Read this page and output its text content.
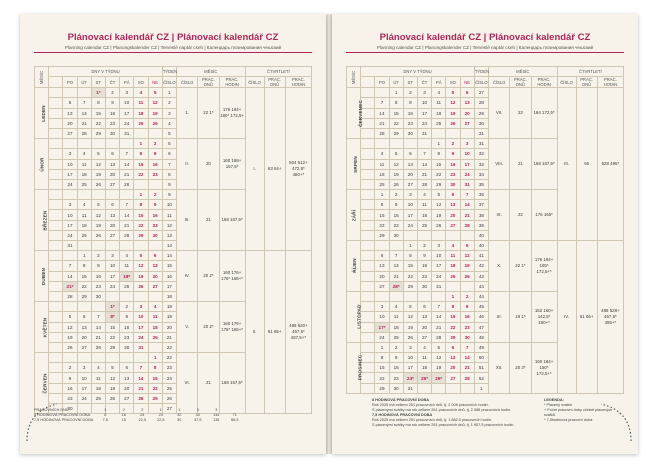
Plánovací kalendář CZ | Plánovací kalendář CZ
Planning calendar CZ | Planungskalender CZ | Terveslé naptár cseh | Календарь планирования чешский
MĚSÍC	DNY V TÝDNU								TÝDEN	MĚSÍC			ČTVRTLETÍ		
		PO	ÚT	ST	ČT	PÁ	SO	NE	ČÍSLO	ČÍSLO	PRAC. DNŮ	PRAC. HODIN	ČÍSLO	PRAC. DNŮ	PRAC. HODIN
LEDEN				1*	2	3	4	5	1	1.	22 1*	176 184+ 180* 172,5+	I.	63 64+	504 512+ 472,5* 480+*
		6	7	8	9	10	11	12	2						
		13	14	15	16	17	18	19	3						
		20	21	22	23	24	25	26	4						
		27	28	29	30	31			5						
ÚNOR							1	2	5	II.	20	160 168+ 157,5*			
		3	4	5	6	7	8	9	6						
		10	11	12	13	14	15	16	7						
		17	18	19	20	21	22	23	8						
		24	25	26	27	28			9						
BŘEZEN							1	2	9	III.	21	168 157,5*			
		3	4	5	6	7	8	9	10						
		10	11	12	13	14	15	16	11						
		17	18	19	20	21	22	23	12						
		24	25	26	27	28	29	30	13						
		31							14						
DUBEN			1	2	3	4	5	6	14	IV.	20 2*	160 176+ 176* 165+*	II.	61 65+	488 520+ 457,5* 487,5+*
		7	8	9	10	11	12	13	15						
		14	15	16	17	18*	19	20	16						
		21*	22	23	24	25	26	27	17						
		28	29	30					18						
KVĚTEN					1*	2	3	4	18	V.	20 2*	160 176+ 176* 165+*			
		5	6	7	8*	9	10	11	19						
		12	13	14	15	16	17	18	20						
		19	20	21	22	23	24	25	21						
		26	27	28	29	30	31		22						
ČERVEN								1	22	VI.	21	168 157,5*			
		2	3	4	5	6	7	8	23						
		9	10	11	12	13	14	15	24						
		16	17	18	19	20	21	22	25						
		23	24	25	26	27	28	29	26						
		30							27						
PRACOVNÍCH DNŮ	1	2	2	1	1	3	3
8 HODINOVÁ PRACOVNÍ DOBA	8	16	24	24	32	40	144	71
7,5 HODINOVÁ PRACOVNÍ DOBA	7,5	15	22,5	22,5	30	37,5	135	66,5
Plánovací kalendář CZ | Plánovací kalendář CZ
Planning calendar CZ | Planungskalender CZ | Terveslé naptár cseh | Календарь планирования чешский
MĚSÍC	DNY V TÝDNU								TÝDEN	MĚSÍC			ČTVRTLETÍ		
		PO	ÚT	ST	ČT	PÁ	SO	NE	ČÍSLO	ČÍSLO	PRAC. DNŮ	PRAC. HODIN	ČÍSLO	PRAC. DNŮ	PRAC. HODIN
ČERVENEC			1	2	3	4	5	6	27	VII.	23	184 172,5*	III.	66	528 495*
		7	8	9	10	11	12	13	28						
		14	15	16	17	18	19	20	29						
		21	22	23	24	25	26	27	30						
		28	29	30	31				31						
SRPEN						1	2	3	31	VIII.	21	168 157,5*			
		4	5	6	7	8	9	10	32						
		11	12	13	14	15	16	17	33						
		18	19	20	21	22	23	24	34						
		25	26	27	28	29	30	31	35						
ZÁŘÍ		1	2	3	4	5	6	7	36	IX.	22	176 165*			
		8	9	10	11	12	13	14	37						
		15	16	17	18	19	20	21	38						
		22	23	24	25	26	27	28	39						
		29	30						40						
ŘÍJEN				1	2	3	4	5	40	X.	22 1*	176 184+ 165* 172,5+*	IV.	61 66+	488 528+ 457,5* 495+*
		6	7	8	9	10	11	12	41						
		13	14	15	16	17	18	19	42						
		20	21	22	23	24	25	26	43						
		27	28*	29	30	31			44						
LISTOPAD							1	2	44	XI.	19 1*	152 160+ 142,5* 150+*			
		3	4	5	6	7	8	9	45						
		10	11	12	13	14	15	16	46						
		17*	18	19	20	21	22	23	47						
		24	25	26	27	28	29	30	48						
PROSINEC		1	2	3	4	5	6	7	49	XII.	20 3*	160 184+ 150* 172,5+*			
		8	9	10	11	12	13	14	50						
		15	16	17	18	19	20	21	51						
		22	23	24*	25*	26*	27	28	52						
		29	30	31					1						
8 HODINOVÁ PRACOVNÍ DOBA
Rok 2025 má celkem 251 pracovních dnů, tj. 2 008 pracovních hodin.
S placenými svátky má rok celkem 261 pracovních dnů, tj. 2 088 pracovních hodin.
7,5 HODINOVÁ PRACOVNÍ DOBA
Rok 2025 má celkem 251 pracovních dnů, tj. 1 882,5 pracovních hodin.
S placenými svátky má rok celkem 261 pracovních dnů, tj. 1 957,5 pracovních hodin.
LEGENDA:
* Placený svátek
+ Počet pracovní doby včetně placených svátků
* 7,5hodinová pracovní doba
